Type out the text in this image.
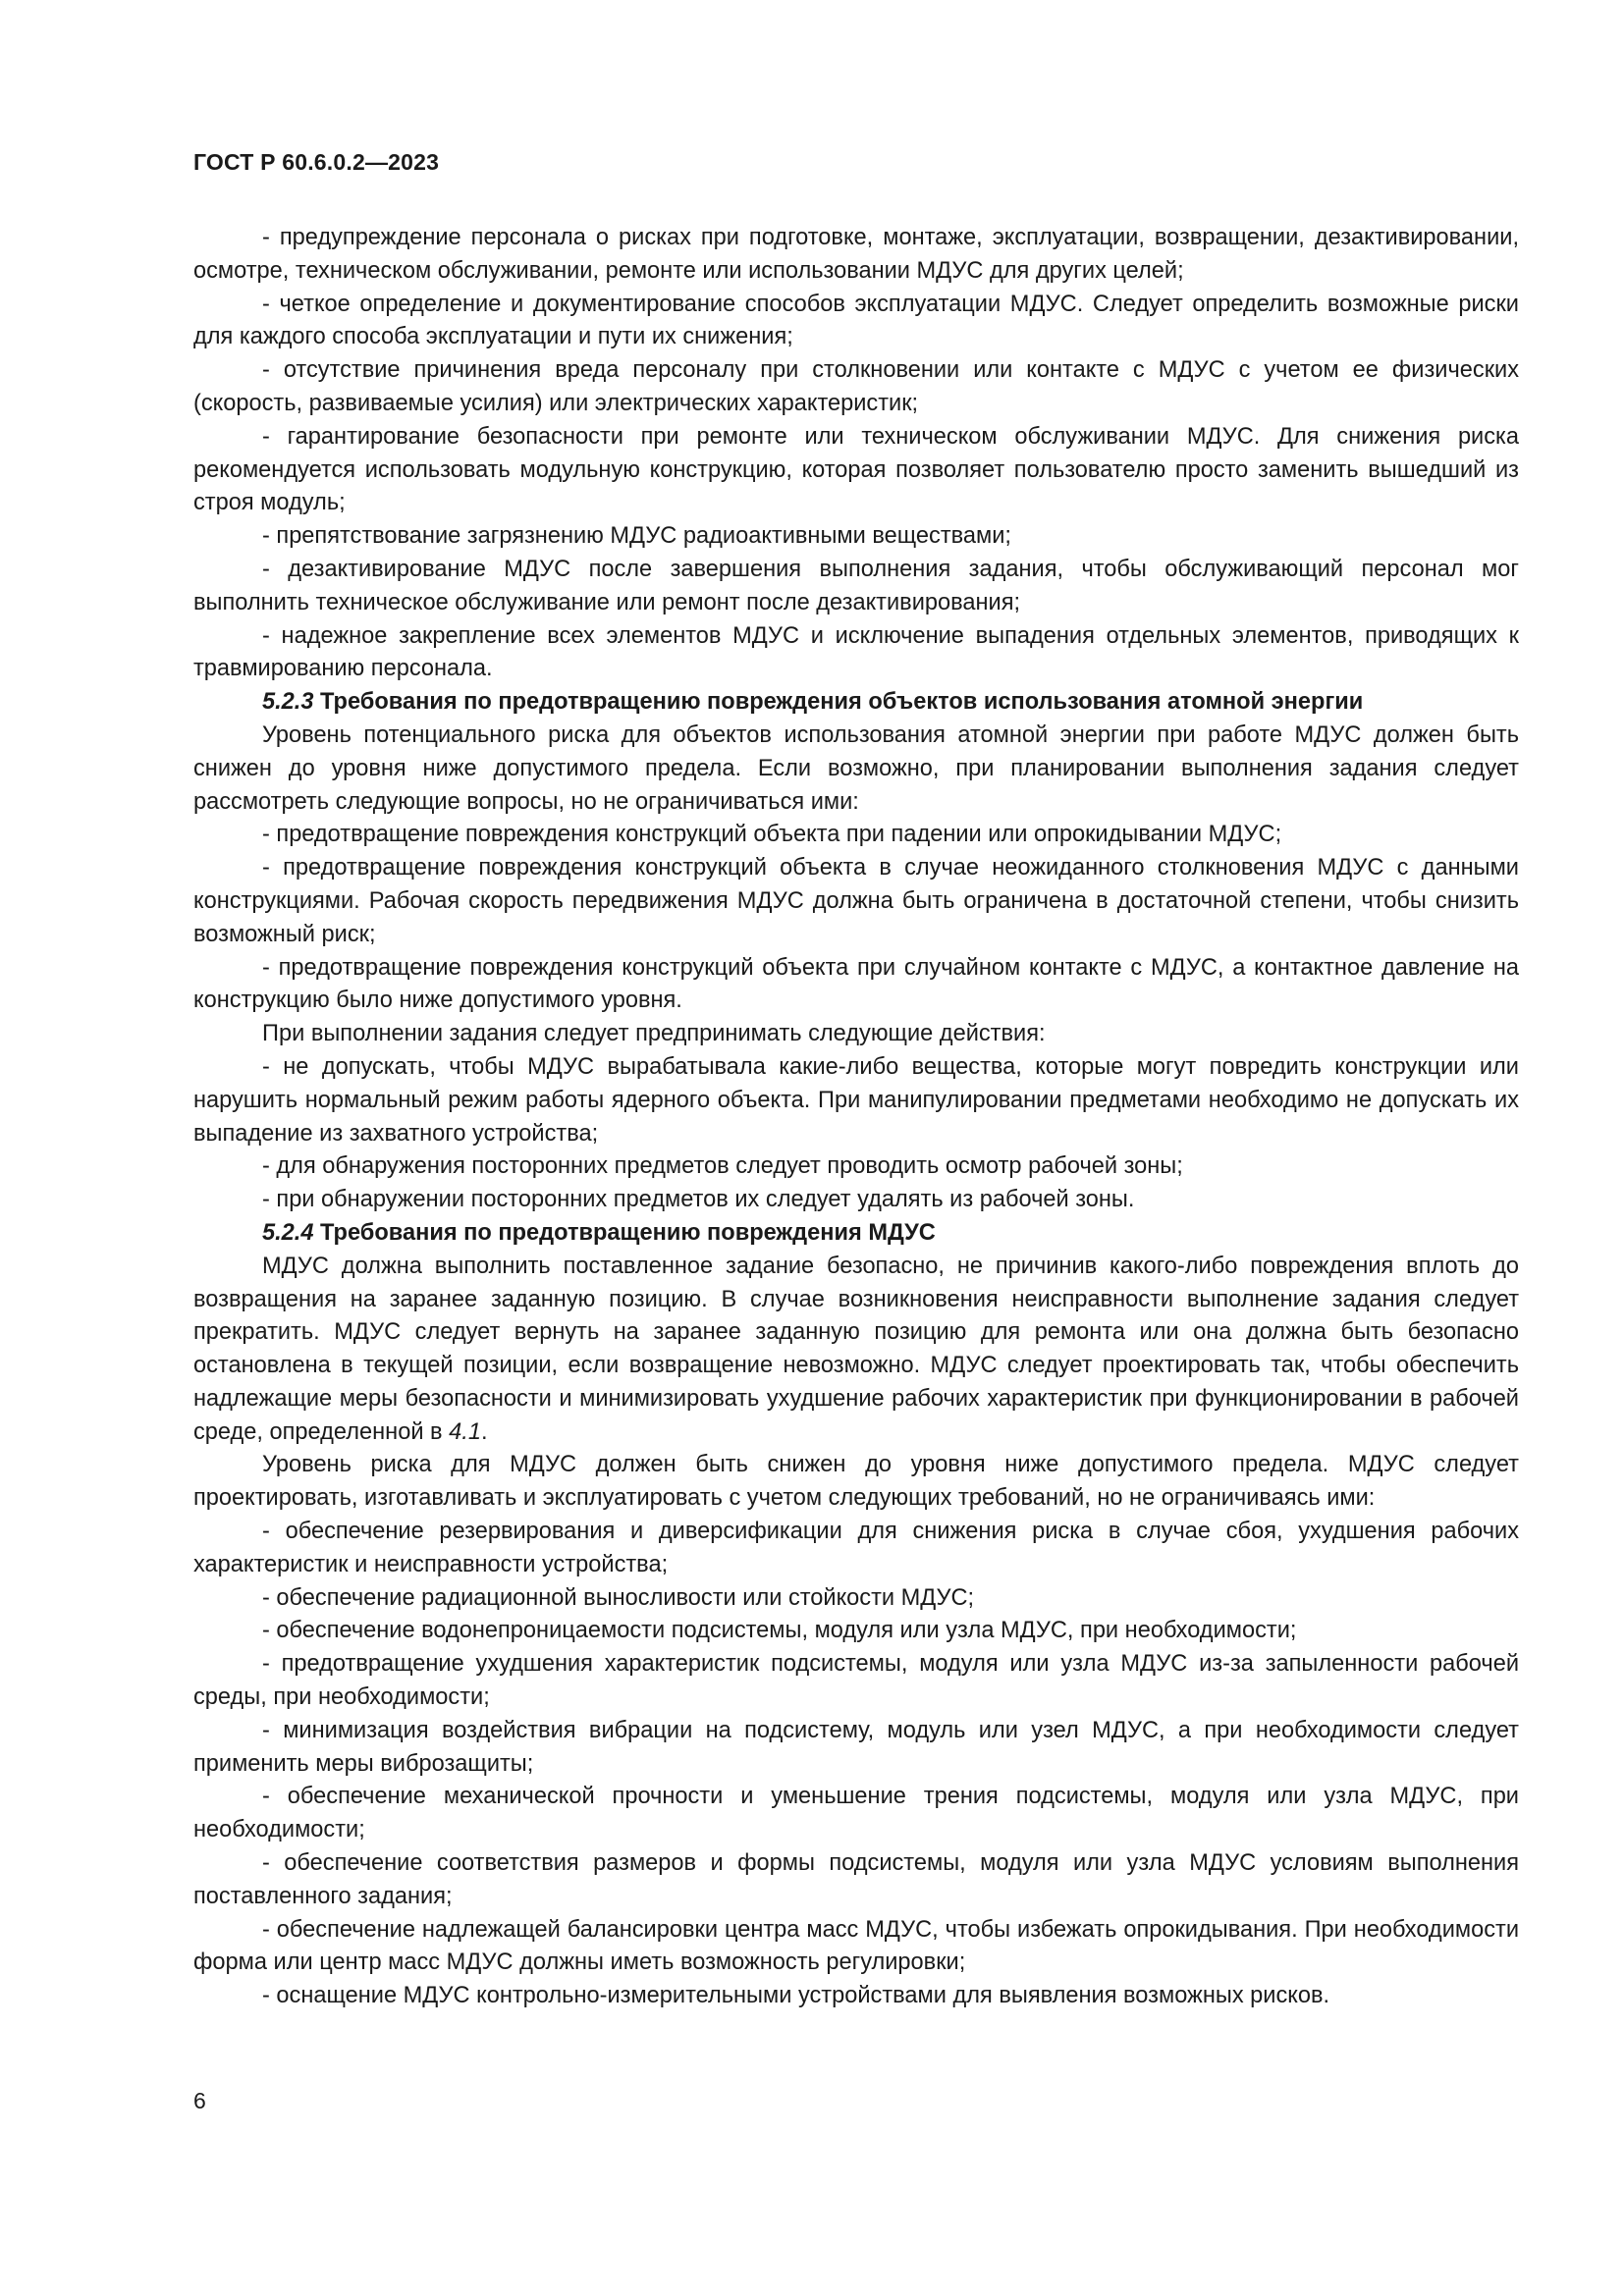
ГОСТ Р 60.6.0.2—2023

- предупреждение персонала о рисках при подготовке, монтаже, эксплуатации, возвращении, дезактивировании, осмотре, техническом обслуживании, ремонте или использовании МДУС для других целей;

- четкое определение и документирование способов эксплуатации МДУС. Следует определить возможные риски для каждого способа эксплуатации и пути их снижения;

- отсутствие причинения вреда персоналу при столкновении или контакте с МДУС с учетом ее физических (скорость, развиваемые усилия) или электрических характеристик;

- гарантирование безопасности при ремонте или техническом обслуживании МДУС. Для снижения риска рекомендуется использовать модульную конструкцию, которая позволяет пользователю просто заменить вышедший из строя модуль;

- препятствование загрязнению МДУС радиоактивными веществами;

- дезактивирование МДУС после завершения выполнения задания, чтобы обслуживающий персонал мог выполнить техническое обслуживание или ремонт после дезактивирования;

- надежное закрепление всех элементов МДУС и исключение выпадения отдельных элементов, приводящих к травмированию персонала.

5.2.3 Требования по предотвращению повреждения объектов использования атомной энергии

Уровень потенциального риска для объектов использования атомной энергии при работе МДУС должен быть снижен до уровня ниже допустимого предела. Если возможно, при планировании выполнения задания следует рассмотреть следующие вопросы, но не ограничиваться ими:

- предотвращение повреждения конструкций объекта при падении или опрокидывании МДУС;

- предотвращение повреждения конструкций объекта в случае неожиданного столкновения МДУС с данными конструкциями. Рабочая скорость передвижения МДУС должна быть ограничена в достаточной степени, чтобы снизить возможный риск;

- предотвращение повреждения конструкций объекта при случайном контакте с МДУС, а контактное давление на конструкцию было ниже допустимого уровня.

При выполнении задания следует предпринимать следующие действия:

- не допускать, чтобы МДУС вырабатывала какие-либо вещества, которые могут повредить конструкции или нарушить нормальный режим работы ядерного объекта. При манипулировании предметами необходимо не допускать их выпадение из захватного устройства;

- для обнаружения посторонних предметов следует проводить осмотр рабочей зоны;

- при обнаружении посторонних предметов их следует удалять из рабочей зоны.

5.2.4 Требования по предотвращению повреждения МДУС

МДУС должна выполнить поставленное задание безопасно, не причинив какого-либо повреждения вплоть до возвращения на заранее заданную позицию. В случае возникновения неисправности выполнение задания следует прекратить. МДУС следует вернуть на заранее заданную позицию для ремонта или она должна быть безопасно остановлена в текущей позиции, если возвращение невозможно. МДУС следует проектировать так, чтобы обеспечить надлежащие меры безопасности и минимизировать ухудшение рабочих характеристик при функционировании в рабочей среде, определенной в 4.1.

Уровень риска для МДУС должен быть снижен до уровня ниже допустимого предела. МДУС следует проектировать, изготавливать и эксплуатировать с учетом следующих требований, но не ограничиваясь ими:

- обеспечение резервирования и диверсификации для снижения риска в случае сбоя, ухудшения рабочих характеристик и неисправности устройства;

- обеспечение радиационной выносливости или стойкости МДУС;

- обеспечение водонепроницаемости подсистемы, модуля или узла МДУС, при необходимости;

- предотвращение ухудшения характеристик подсистемы, модуля или узла МДУС из-за запыленности рабочей среды, при необходимости;

- минимизация воздействия вибрации на подсистему, модуль или узел МДУС, а при необходимости следует применить меры виброзащиты;

- обеспечение механической прочности и уменьшение трения подсистемы, модуля или узла МДУС, при необходимости;

- обеспечение соответствия размеров и формы подсистемы, модуля или узла МДУС условиям выполнения поставленного задания;

- обеспечение надлежащей балансировки центра масс МДУС, чтобы избежать опрокидывания. При необходимости форма или центр масс МДУС должны иметь возможность регулировки;

- оснащение МДУС контрольно-измерительными устройствами для выявления возможных рисков.

6
